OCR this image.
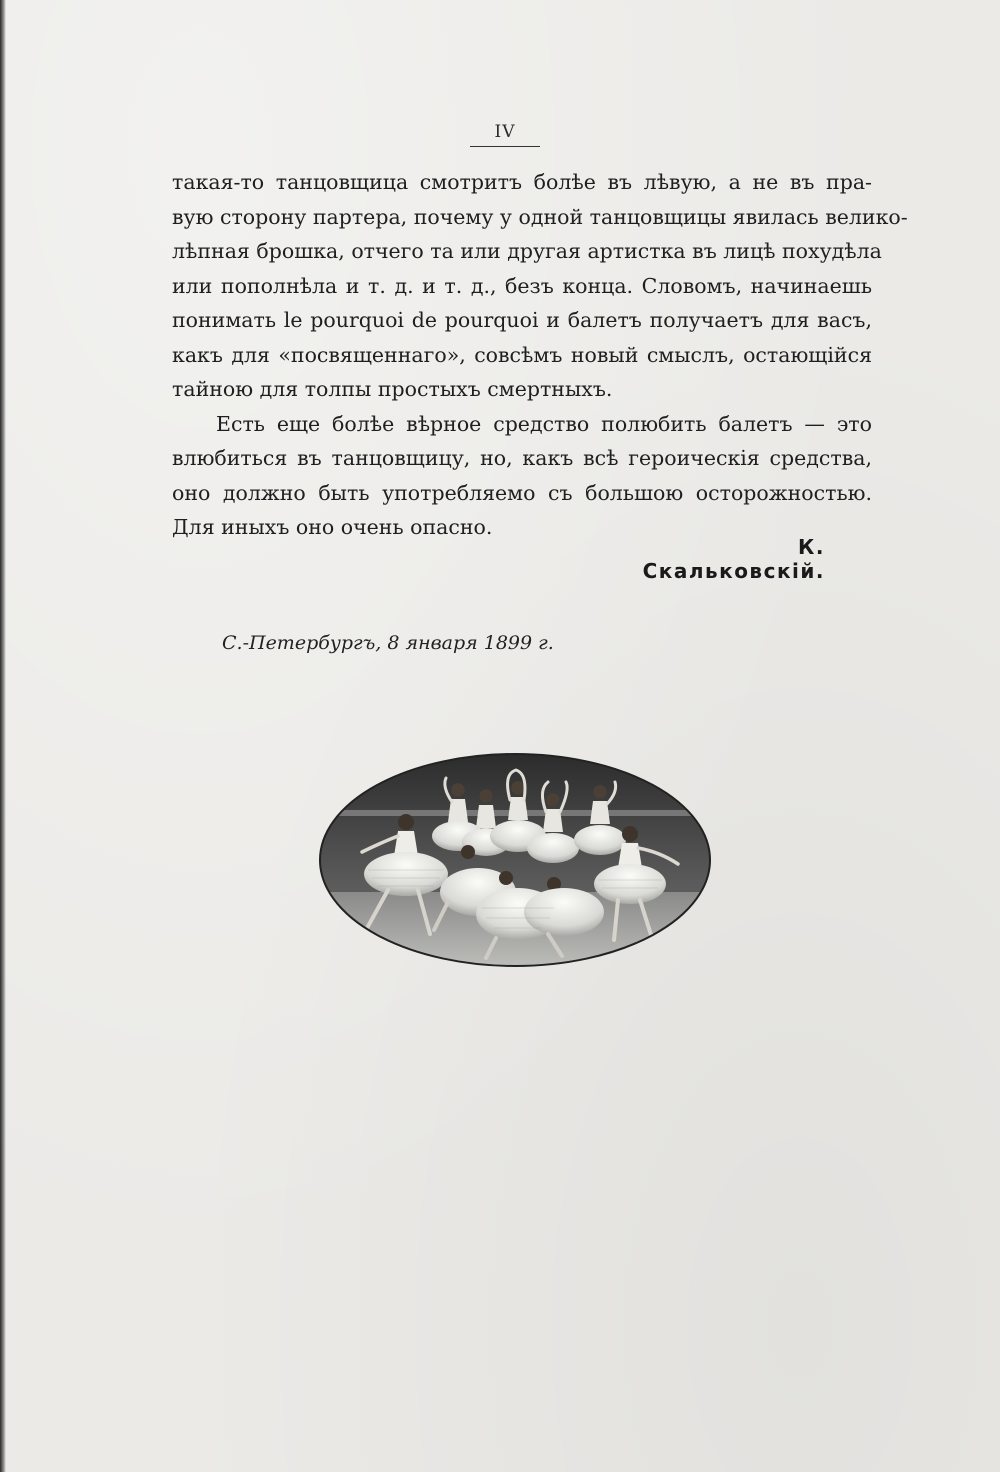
IV
такая-то танцовщица смотритъ болѣе въ лѣвую, а не въ пра-
вую сторону партера, почему у одной танцовщицы явилась велико-
лѣпная брошка, отчего та или другая артистка въ лицѣ похудѣла
или пополнѣла и т. д. и т. д., безъ конца. Словомъ, начинаешь
понимать le pourquoi de pourquoi и балетъ получаетъ для васъ,
какъ для «посвященнаго», совсѣмъ новый смыслъ, остающійся
тайною для толпы простыхъ смертныхъ.
Есть еще болѣе вѣрное средство полюбить балетъ — это
влюбиться въ танцовщицу, но, какъ всѣ героическія средства,
оно должно быть употребляемо съ большою осторожностью.
Для иныхъ оно очень опасно.
К. Скальковскій.
С.-Петербургъ, 8 января 1899 г.
